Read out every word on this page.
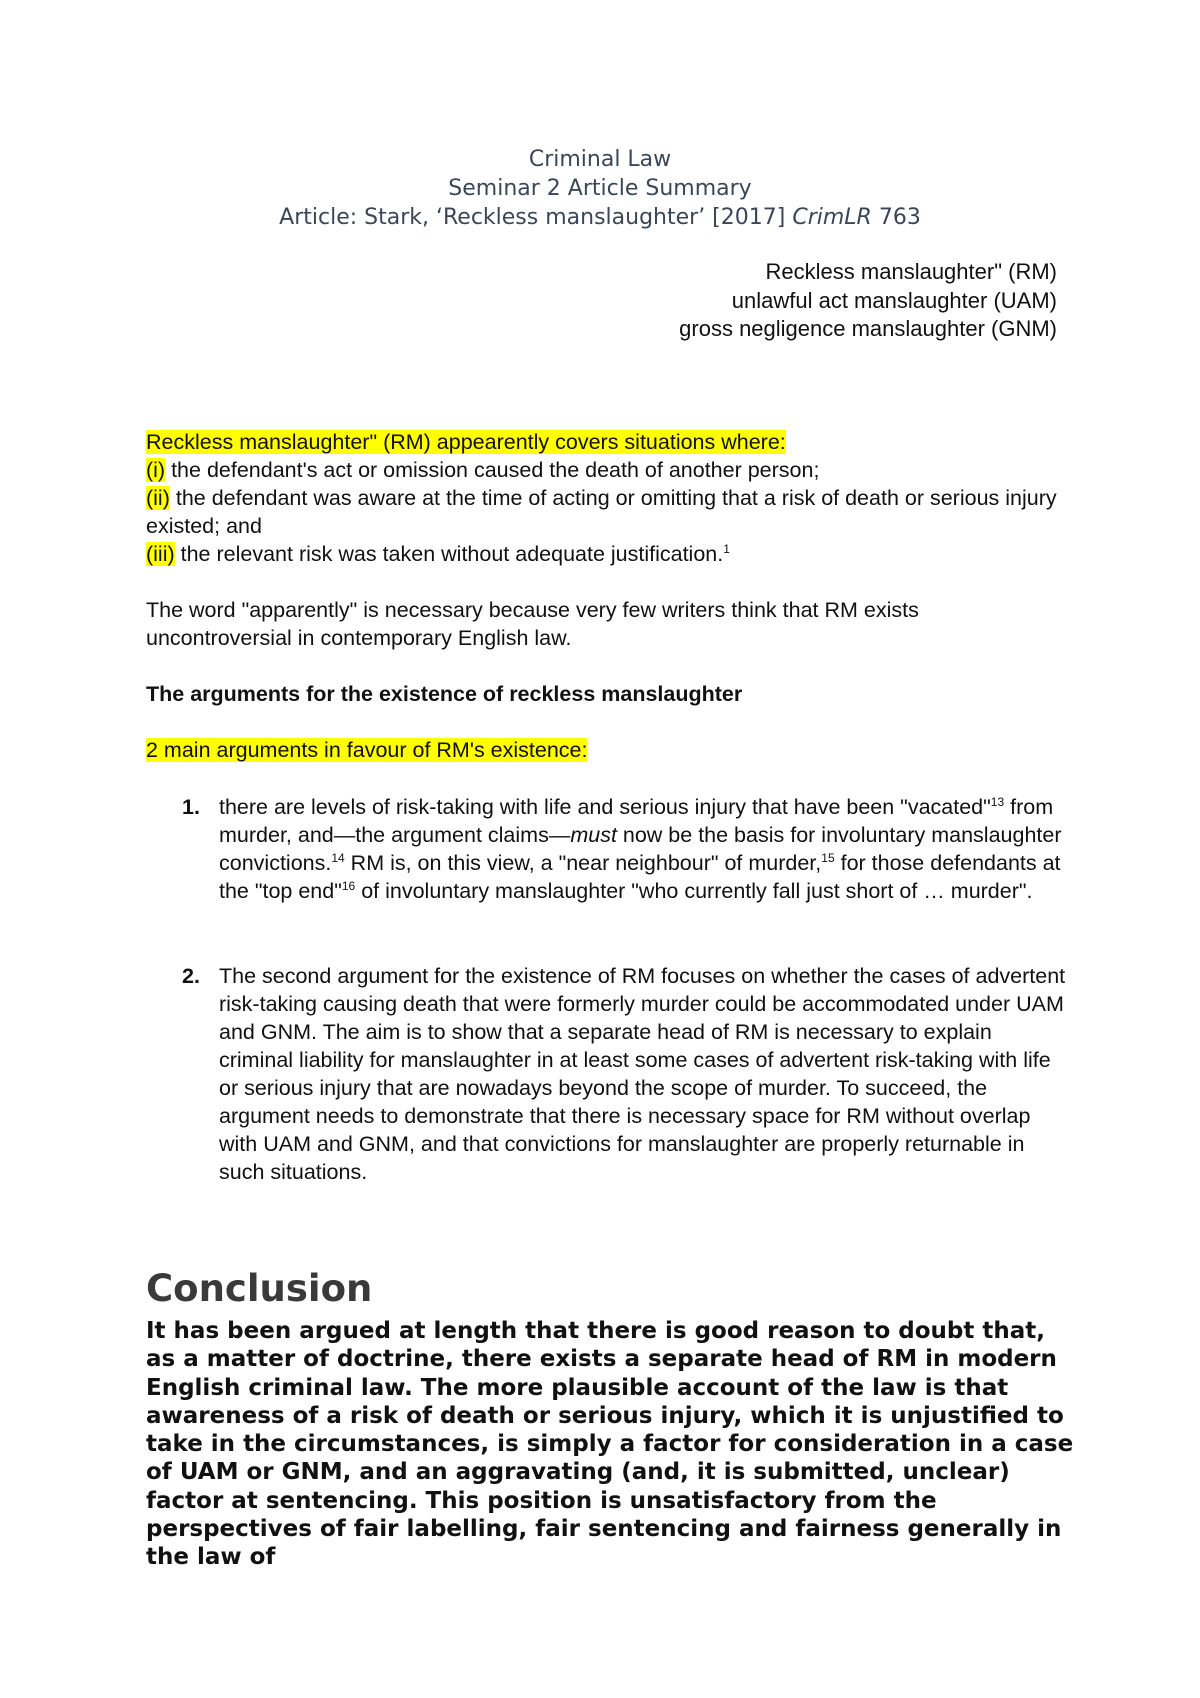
Criminal Law
Seminar 2 Article Summary
Article: Stark, ‘Reckless manslaughter’ [2017] CrimLR 763
Reckless manslaughter" (RM)
unlawful act manslaughter (UAM)
gross negligence manslaughter (GNM)
Reckless manslaughter" (RM) appearently covers situations where:
(i) the defendant's act or omission caused the death of another person;
(ii) the defendant was aware at the time of acting or omitting that a risk of death or serious injury existed; and
(iii) the relevant risk was taken without adequate justification.$^1$
The word "apparently" is necessary because very few writers think that RM exists uncontroversial in contemporary English law.
The arguments for the existence of reckless manslaughter
2 main arguments in favour of RM's existence:
1. there are levels of risk-taking with life and serious injury that have been "vacated"$^{13}$ from murder, and—the argument claims—must now be the basis for involuntary manslaughter convictions.$^{14}$ RM is, on this view, a "near neighbour" of murder,$^{15}$ for those defendants at the "top end"$^{16}$ of involuntary manslaughter "who currently fall just short of … murder".
2. The second argument for the existence of RM focuses on whether the cases of advertent risk-taking causing death that were formerly murder could be accommodated under UAM and GNM. The aim is to show that a separate head of RM is necessary to explain criminal liability for manslaughter in at least some cases of advertent risk-taking with life or serious injury that are nowadays beyond the scope of murder. To succeed, the argument needs to demonstrate that there is necessary space for RM without overlap with UAM and GNM, and that convictions for manslaughter are properly returnable in such situations.
Conclusion
It has been argued at length that there is good reason to doubt that, as a matter of doctrine, there exists a separate head of RM in modern English criminal law. The more plausible account of the law is that awareness of a risk of death or serious injury, which it is unjustified to take in the circumstances, is simply a factor for consideration in a case of UAM or GNM, and an aggravating (and, it is submitted, unclear) factor at sentencing. This position is unsatisfactory from the perspectives of fair labelling, fair sentencing and fairness generally in the law of
